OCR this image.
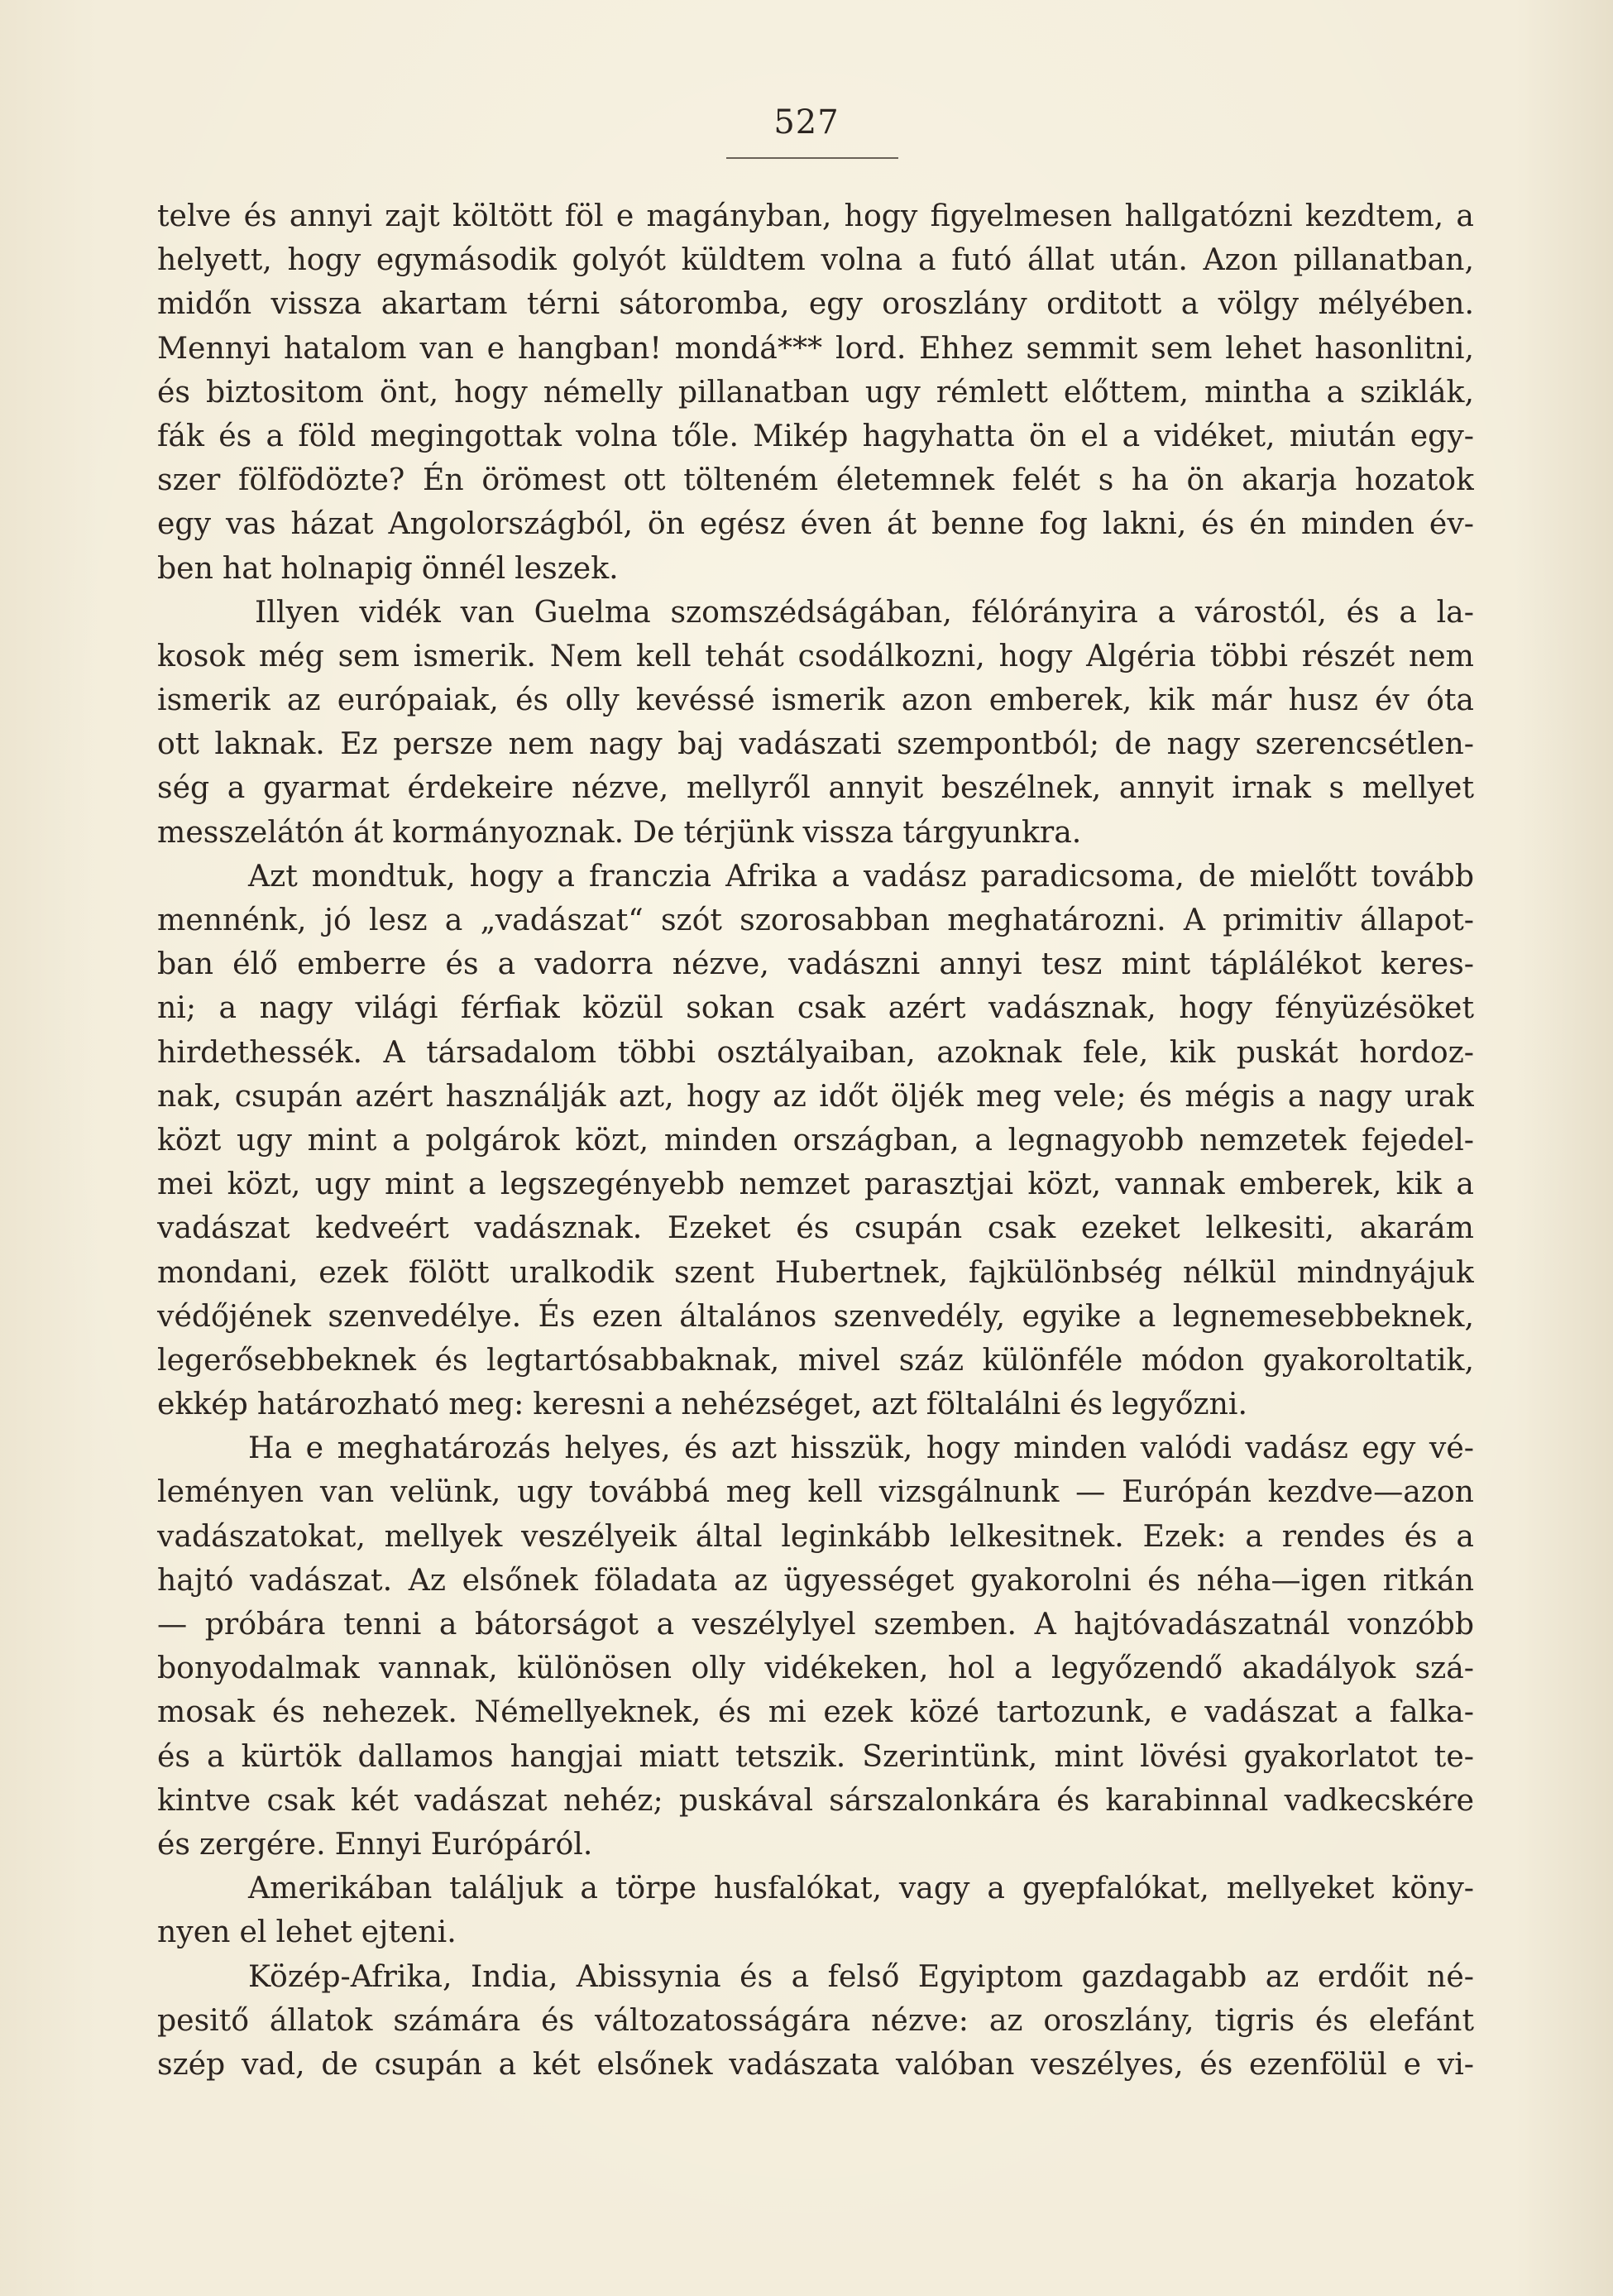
527
telve és annyi zajt költött föl e magányban, hogy figyelmesen hallgatózni kezdtem, a
helyett, hogy egymásodik golyót küldtem volna a futó állat után. Azon pillanatban,
midőn vissza akartam térni sátoromba, egy oroszlány orditott a völgy mélyében.
Mennyi hatalom van e hangban! mondá*** lord. Ehhez semmit sem lehet hasonlitni,
és biztositom önt, hogy némelly pillanatban ugy rémlett előttem, mintha a sziklák,
fák és a föld megingottak volna tőle. Mikép hagyhatta ön el a vidéket, miután egy-
szer fölfödözte? Én örömest ott tölteném életemnek felét s ha ön akarja hozatok
egy vas házat Angolországból, ön egész éven át benne fog lakni, és én minden év-
ben hat holnapig önnél leszek.
Illyen vidék van Guelma szomszédságában, félórányira a várostól, és a la-
kosok még sem ismerik. Nem kell tehát csodálkozni, hogy Algéria többi részét nem
ismerik az európaiak, és olly kevéssé ismerik azon emberek, kik már husz év óta
ott laknak. Ez persze nem nagy baj vadászati szempontból; de nagy szerencsétlen-
ség a gyarmat érdekeire nézve, mellyről annyit beszélnek, annyit irnak s mellyet
messzelátón át kormányoznak. De térjünk vissza tárgyunkra.
Azt mondtuk, hogy a franczia Afrika a vadász paradicsoma, de mielőtt tovább
mennénk, jó lesz a „vadászat“ szót szorosabban meghatározni. A primitiv állapot-
ban élő emberre és a vadorra nézve, vadászni annyi tesz mint táplálékot keres-
ni; a nagy világi férfiak közül sokan csak azért vadásznak, hogy fényüzésöket
hirdethessék. A társadalom többi osztályaiban, azoknak fele, kik puskát hordoz-
nak, csupán azért használják azt, hogy az időt öljék meg vele; és mégis a nagy urak
közt ugy mint a polgárok közt, minden országban, a legnagyobb nemzetek fejedel-
mei közt, ugy mint a legszegényebb nemzet parasztjai közt, vannak emberek, kik a
vadászat kedveért vadásznak. Ezeket és csupán csak ezeket lelkesiti, akarám
mondani, ezek fölött uralkodik szent Hubertnek, fajkülönbség nélkül mindnyájuk
védőjének szenvedélye. És ezen általános szenvedély, egyike a legnemesebbeknek,
legerősebbeknek és legtartósabbaknak, mivel száz különféle módon gyakoroltatik,
ekkép határozható meg: keresni a nehézséget, azt föltalálni és legyőzni.
Ha e meghatározás helyes, és azt hisszük, hogy minden valódi vadász egy vé-
leményen van velünk, ugy továbbá meg kell vizsgálnunk — Európán kezdve—azon
vadászatokat, mellyek veszélyeik által leginkább lelkesitnek. Ezek: a rendes és a
hajtó vadászat. Az elsőnek föladata az ügyességet gyakorolni és néha—igen ritkán
— próbára tenni a bátorságot a veszélylyel szemben. A hajtóvadászatnál vonzóbb
bonyodalmak vannak, különösen olly vidékeken, hol a legyőzendő akadályok szá-
mosak és nehezek. Némellyeknek, és mi ezek közé tartozunk, e vadászat a falka-
és a kürtök dallamos hangjai miatt tetszik. Szerintünk, mint lövési gyakorlatot te-
kintve csak két vadászat nehéz; puskával sárszalonkára és karabinnal vadkecskére
és zergére. Ennyi Európáról.
Amerikában találjuk a törpe husfalókat, vagy a gyepfalókat, mellyeket köny-
nyen el lehet ejteni.
Közép-Afrika, India, Abissynia és a felső Egyiptom gazdagabb az erdőit né-
pesitő állatok számára és változatosságára nézve: az oroszlány, tigris és elefánt
szép vad, de csupán a két elsőnek vadászata valóban veszélyes, és ezenfölül e vi-
